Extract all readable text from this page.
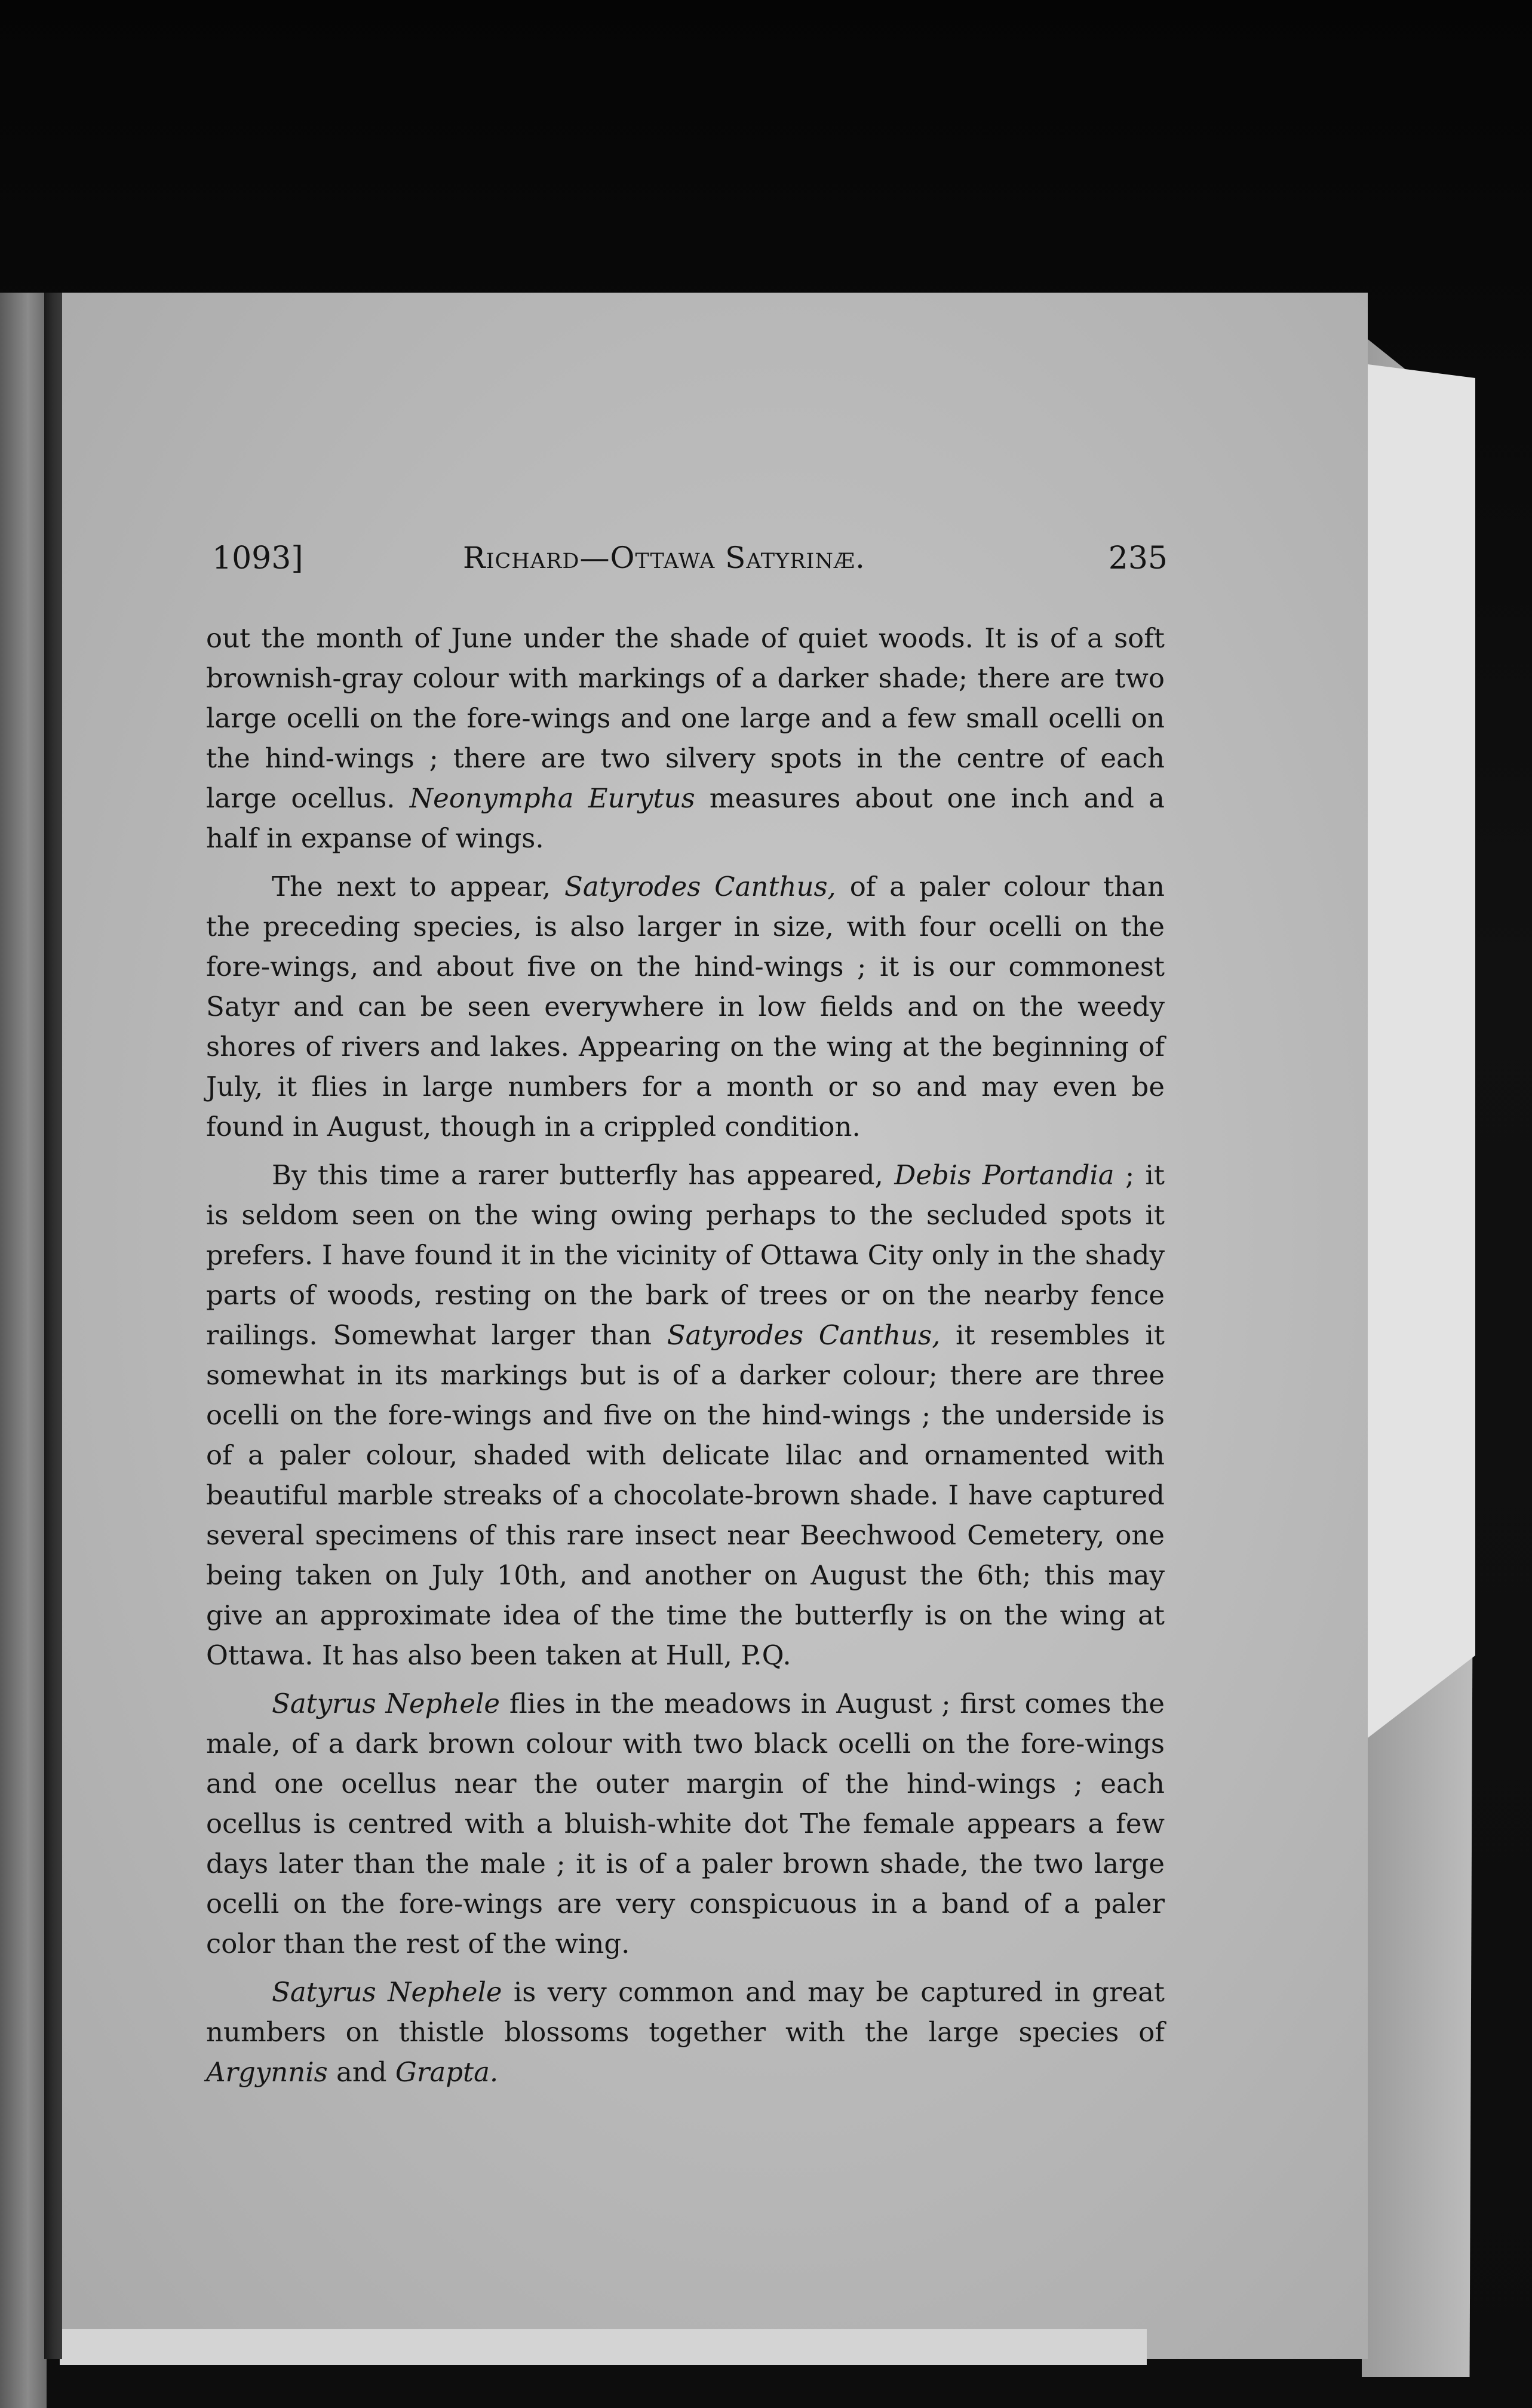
1093]	Richard—Ottawa Satyrinæ.	235

out the month of June under the shade of quiet woods. It is of a soft brownish-gray colour with markings of a darker shade; there are two large ocelli on the fore-wings and one large and a few small ocelli on the hind-wings ; there are two silvery spots in the centre of each large ocellus. Neonympha Eurytus measures about one inch and a half in expanse of wings.

The next to appear, Satyrodes Canthus, of a paler colour than the preceding species, is also larger in size, with four ocelli on the fore-wings, and about five on the hind-wings ; it is our commonest Satyr and can be seen everywhere in low fields and on the weedy shores of rivers and lakes. Appearing on the wing at the beginning of July, it flies in large numbers for a month or so and may even be found in August, though in a crippled condition.

By this time a rarer butterfly has appeared, Debis Portandia ; it is seldom seen on the wing owing perhaps to the secluded spots it prefers. I have found it in the vicinity of Ottawa City only in the shady parts of woods, resting on the bark of trees or on the nearby fence railings. Somewhat larger than Satyrodes Canthus, it resembles it somewhat in its markings but is of a darker colour; there are three ocelli on the fore-wings and five on the hind-wings ; the underside is of a paler colour, shaded with delicate lilac and ornamented with beautiful marble streaks of a chocolate-brown shade. I have captured several specimens of this rare insect near Beechwood Cemetery, one being taken on July 10th, and another on August the 6th; this may give an approximate idea of the time the butterfly is on the wing at Ottawa. It has also been taken at Hull, P.Q.

Satyrus Nephele flies in the meadows in August ; first comes the male, of a dark brown colour with two black ocelli on the fore-wings and one ocellus near the outer margin of the hind-wings ; each ocellus is centred with a bluish-white dot The female appears a few days later than the male ; it is of a paler brown shade, the two large ocelli on the fore-wings are very conspicuous in a band of a paler color than the rest of the wing.

Satyrus Nephele is very common and may be captured in great numbers on thistle blossoms together with the large species of Argynnis and Grapta.
